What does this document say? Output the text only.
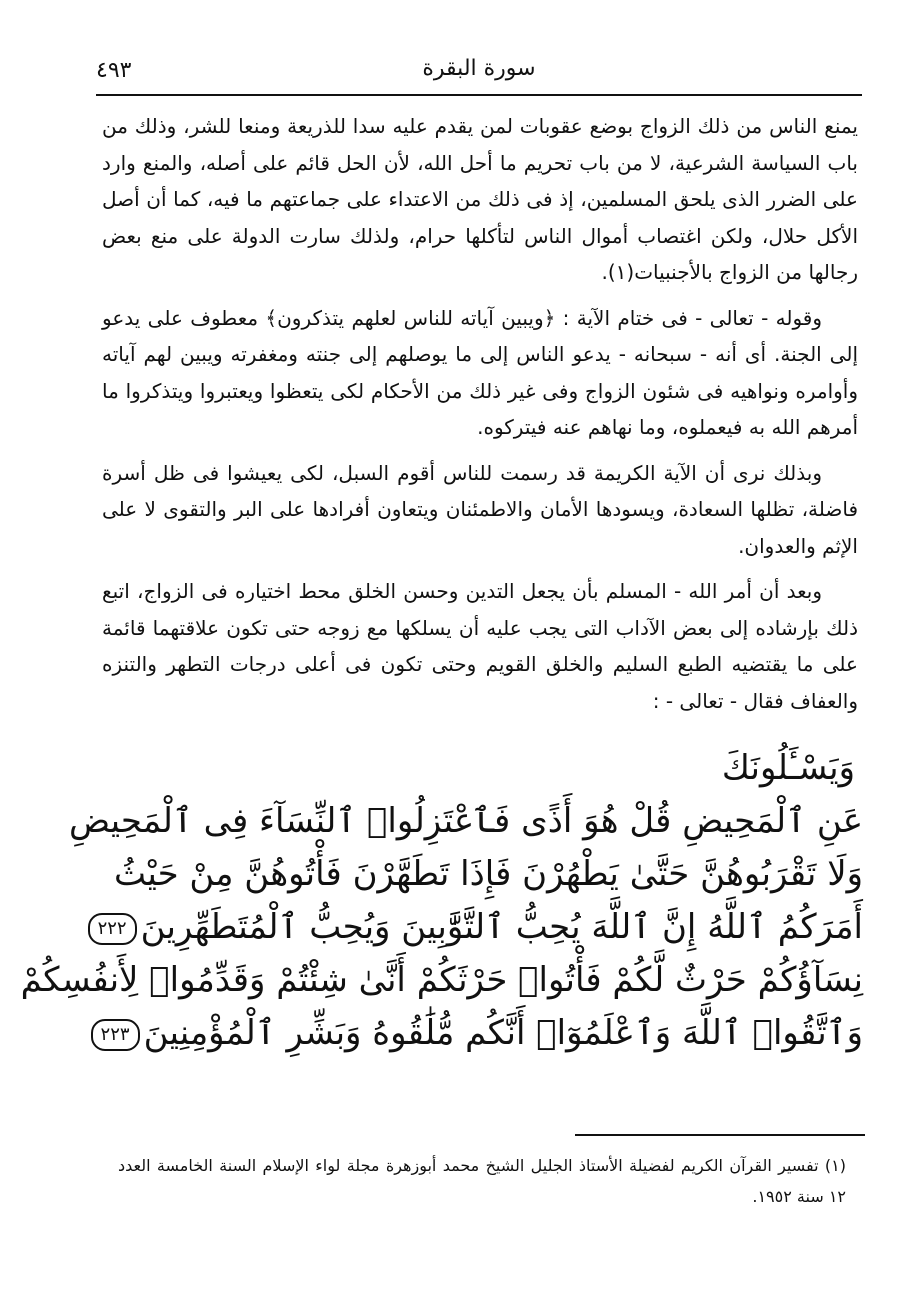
٤٩٣	سورة البقرة

يمنع الناس من ذلك الزواج بوضع عقوبات لمن يقدم عليه سدا للذريعة ومنعا للشر، وذلك من باب السياسة الشرعية، لا من باب تحريم ما أحل الله، لأن الحل قائم على أصله، والمنع وارد على الضرر الذى يلحق المسلمين، إذ فى ذلك من الاعتداء على جماعتهم ما فيه، كما أن أصل الأكل حلال، ولكن اغتصاب أموال الناس لتأكلها حرام، ولذلك سارت الدولة على منع بعض رجالها من الزواج بالأجنبيات(١).

وقوله - تعالى - فى ختام الآية : ﴿ويبين آياته للناس لعلهم يتذكرون﴾ معطوف على يدعو إلى الجنة. أى أنه - سبحانه - يدعو الناس إلى ما يوصلهم إلى جنته ومغفرته ويبين لهم آياته وأوامره ونواهيه فى شئون الزواج وفى غير ذلك من الأحكام لكى يتعظوا ويعتبروا ويتذكروا ما أمرهم الله به فيعملوه، وما نهاهم عنه فيتركوه.

وبذلك نرى أن الآية الكريمة قد رسمت للناس أقوم السبل، لكى يعيشوا فى ظل أسرة فاضلة، تظلها السعادة، ويسودها الأمان والاطمئنان ويتعاون أفرادها على البر والتقوى لا على الإثم والعدوان.

وبعد أن أمر الله - المسلم بأن يجعل التدين وحسن الخلق محط اختياره فى الزواج، اتبع ذلك بإرشاده إلى بعض الآداب التى يجب عليه أن يسلكها مع زوجه حتى تكون علاقتهما قائمة على ما يقتضيه الطبع السليم والخلق القويم وحتى تكون فى أعلى درجات التطهر والتنزه والعفاف فقال - تعالى - :

وَيَسْـَٔلُونَكَ
عَنِ ٱلْمَحِيضِ قُلْ هُوَ أَذًى فَٱعْتَزِلُوا۟ ٱلنِّسَآءَ فِى ٱلْمَحِيضِ
وَلَا تَقْرَبُوهُنَّ حَتَّىٰ يَطْهُرْنَ فَإِذَا تَطَهَّرْنَ فَأْتُوهُنَّ مِنْ حَيْثُ
أَمَرَكُمُ ٱللَّهُ إِنَّ ٱللَّهَ يُحِبُّ ٱلتَّوَّٰبِينَ وَيُحِبُّ ٱلْمُتَطَهِّرِينَ٢٢٢
نِسَآؤُكُمْ حَرْثٌ لَّكُمْ فَأْتُوا۟ حَرْثَكُمْ أَنَّىٰ شِئْتُمْ وَقَدِّمُوا۟ لِأَنفُسِكُمْ
وَٱتَّقُوا۟ ٱللَّهَ وَٱعْلَمُوٓا۟ أَنَّكُم مُّلَٰقُوهُ وَبَشِّرِ ٱلْمُؤْمِنِينَ٢٢٣

(١) تفسير القرآن الكريم لفضيلة الأستاذ الجليل الشيخ محمد أبوزهرة مجلة لواء الإسلام السنة الخامسة العدد ١٢ سنة ١٩٥٢.
